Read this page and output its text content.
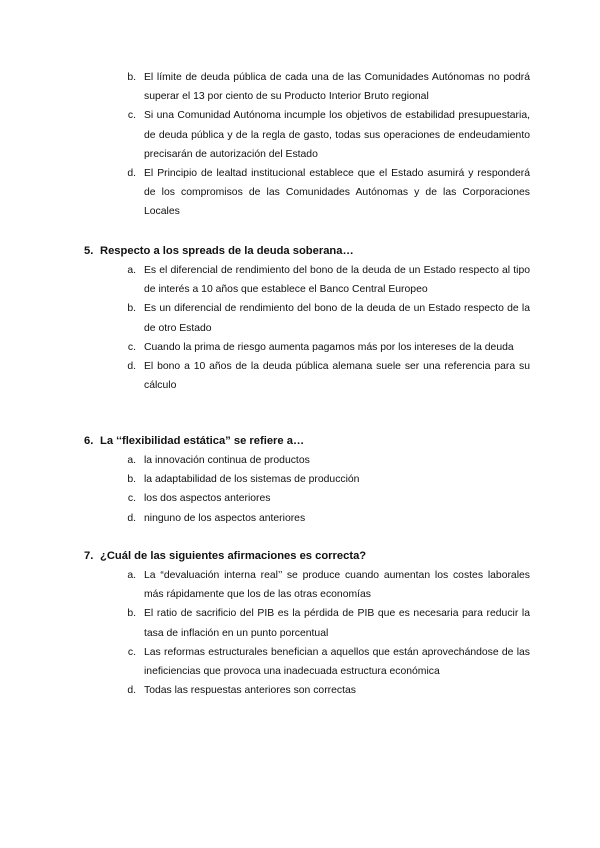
b. El límite de deuda pública de cada una de las Comunidades Autónomas no podrá superar el 13 por ciento de su Producto Interior Bruto regional
c. Si una Comunidad Autónoma incumple los objetivos de estabilidad presupuestaria, de deuda pública y de la regla de gasto, todas sus operaciones de endeudamiento precisarán de autorización del Estado
d. El Principio de lealtad institucional establece que el Estado asumirá y responderá de los compromisos de las Comunidades Autónomas y de las Corporaciones Locales
5. Respecto a los spreads de la deuda soberana…
a. Es el diferencial de rendimiento del bono de la deuda de un Estado respecto al tipo de interés a 10 años que establece el Banco Central Europeo
b. Es un diferencial de rendimiento del bono de la deuda de un Estado respecto de la de otro Estado
c. Cuando la prima de riesgo aumenta pagamos más por los intereses de la deuda
d. El bono a 10 años de la deuda pública alemana suele ser una referencia para su cálculo
6. La ‘‘flexibilidad estática” se refiere a…
a. la innovación continua de productos
b. la adaptabilidad de los sistemas de producción
c. los dos aspectos anteriores
d. ninguno de los aspectos anteriores
7. ¿Cuál de las siguientes afirmaciones es correcta?
a. La “devaluación interna real’’ se produce cuando aumentan los costes laborales más rápidamente que los de las otras economías
b. El ratio de sacrificio del PIB es la pérdida de PIB que es necesaria para reducir la tasa de inflación en un punto porcentual
c. Las reformas estructurales benefician a aquellos que están aprovechándose de las ineficiencias que provoca una inadecuada estructura económica
d. Todas las respuestas anteriores son correctas
